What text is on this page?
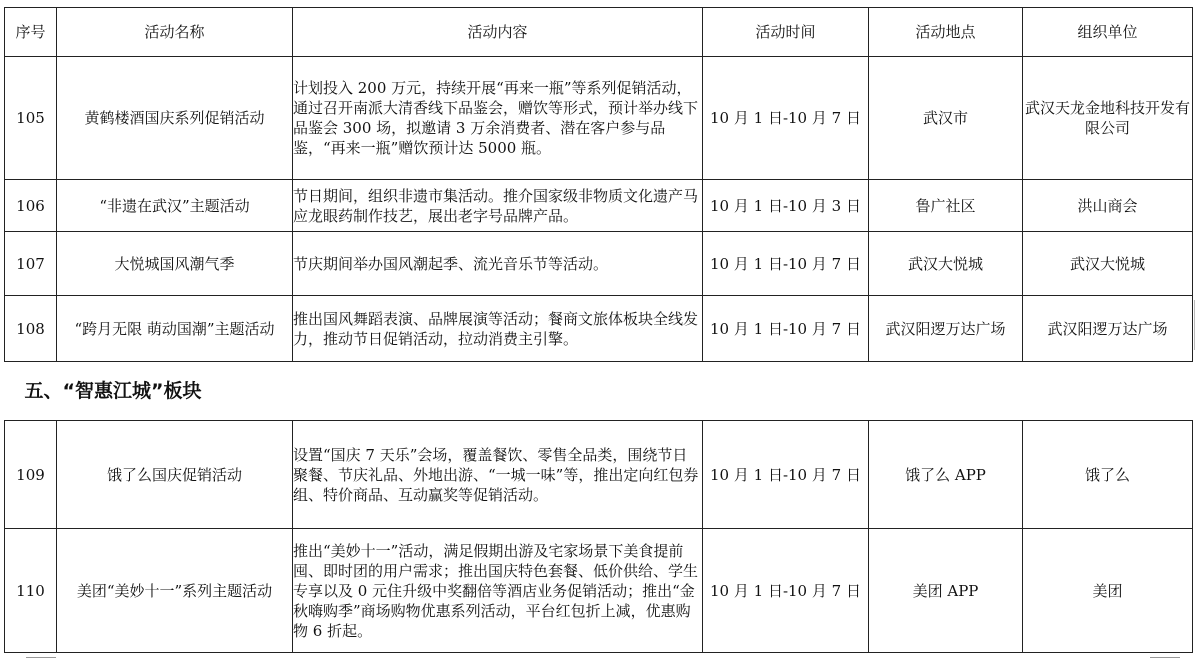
序号	活动名称	活动内容	活动时间	活动地点	组织单位
105	黄鹤楼酒国庆系列促销活动	计划投入 200 万元，持续开展“再来一瓶”等系列促销活动，通过召开南派大清香线下品鉴会，赠饮等形式，预计举办线下品鉴会 300 场，拟邀请 3 万余消费者、潜在客户参与品鉴，“再来一瓶”赠饮预计达 5000 瓶。	10 月 1 日-10 月 7 日	武汉市	武汉天龙金地科技开发有限公司
106	“非遗在武汉”主题活动	节日期间，组织非遗市集活动。推介国家级非物质文化遗产马应龙眼药制作技艺，展出老字号品牌产品。	10 月 1 日-10 月 3 日	鲁广社区	洪山商会
107	大悦城国风潮气季	节庆期间举办国风潮起季、流光音乐节等活动。	10 月 1 日-10 月 7 日	武汉大悦城	武汉大悦城
108	“跨月无限 萌动国潮”主题活动	推出国风舞蹈表演、品牌展演等活动；餐商文旅体板块全线发力，推动节日促销活动，拉动消费主引擎。	10 月 1 日-10 月 7 日	武汉阳逻万达广场	武汉阳逻万达广场
五、“智惠江城”板块					
109	饿了么国庆促销活动	设置“国庆 7 天乐”会场，覆盖餐饮、零售全品类，围绕节日聚餐、节庆礼品、外地出游、“一城一味”等，推出定向红包券组、特价商品、互动赢奖等促销活动。	10 月 1 日-10 月 7 日	饿了么 APP	饿了么
110	美团“美妙十一”系列主题活动	推出“美妙十一”活动，满足假期出游及宅家场景下美食提前囤、即时团的用户需求；推出国庆特色套餐、低价供给、学生专享以及 0 元住升级中奖翻倍等酒店业务促销活动；推出“金秋嗨购季”商场购物优惠系列活动，平台红包折上减，优惠购物 6 折起。	10 月 1 日-10 月 7 日	美团 APP	美团
